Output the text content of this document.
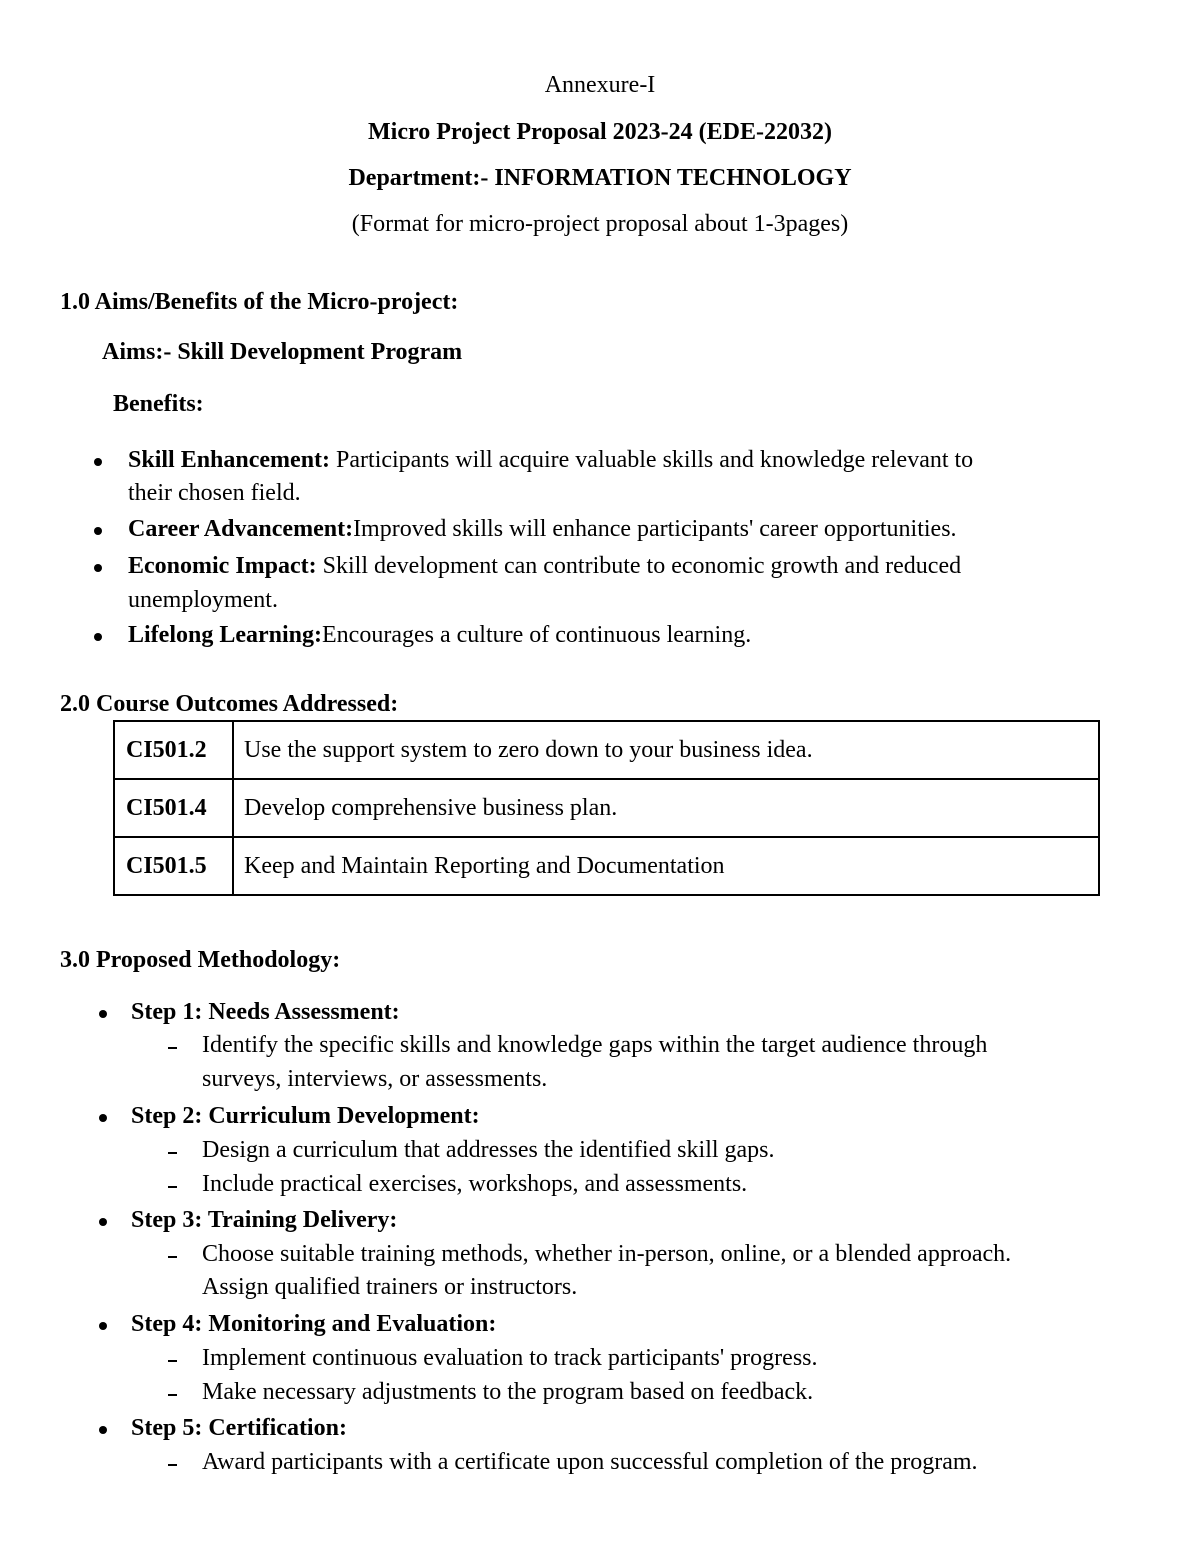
Annexure-I
Micro Project Proposal 2023-24 (EDE-22032)
Department:- INFORMATION TECHNOLOGY
(Format for micro-project proposal about 1-3pages)
1.0 Aims/Benefits of the Micro-project:
Aims:- Skill Development Program
Benefits:
Skill Enhancement: Participants will acquire valuable skills and knowledge relevant to
their chosen field.
Career Advancement:Improved skills will enhance participants' career opportunities.
Economic Impact: Skill development can contribute to economic growth and reduced
unemployment.
Lifelong Learning:Encourages a culture of continuous learning.
2.0 Course Outcomes Addressed:
CI501.2	Use the support system to zero down to your business idea.
CI501.4	Develop comprehensive business plan.
CI501.5	Keep and Maintain Reporting and Documentation
3.0 Proposed Methodology:
Step 1: Needs Assessment:
Identify the specific skills and knowledge gaps within the target audience through
surveys, interviews, or assessments.
Step 2: Curriculum Development:
Design a curriculum that addresses the identified skill gaps.
Include practical exercises, workshops, and assessments.
Step 3: Training Delivery:
Choose suitable training methods, whether in-person, online, or a blended approach.
Assign qualified trainers or instructors.
Step 4: Monitoring and Evaluation:
Implement continuous evaluation to track participants' progress.
Make necessary adjustments to the program based on feedback.
Step 5: Certification:
Award participants with a certificate upon successful completion of the program.
